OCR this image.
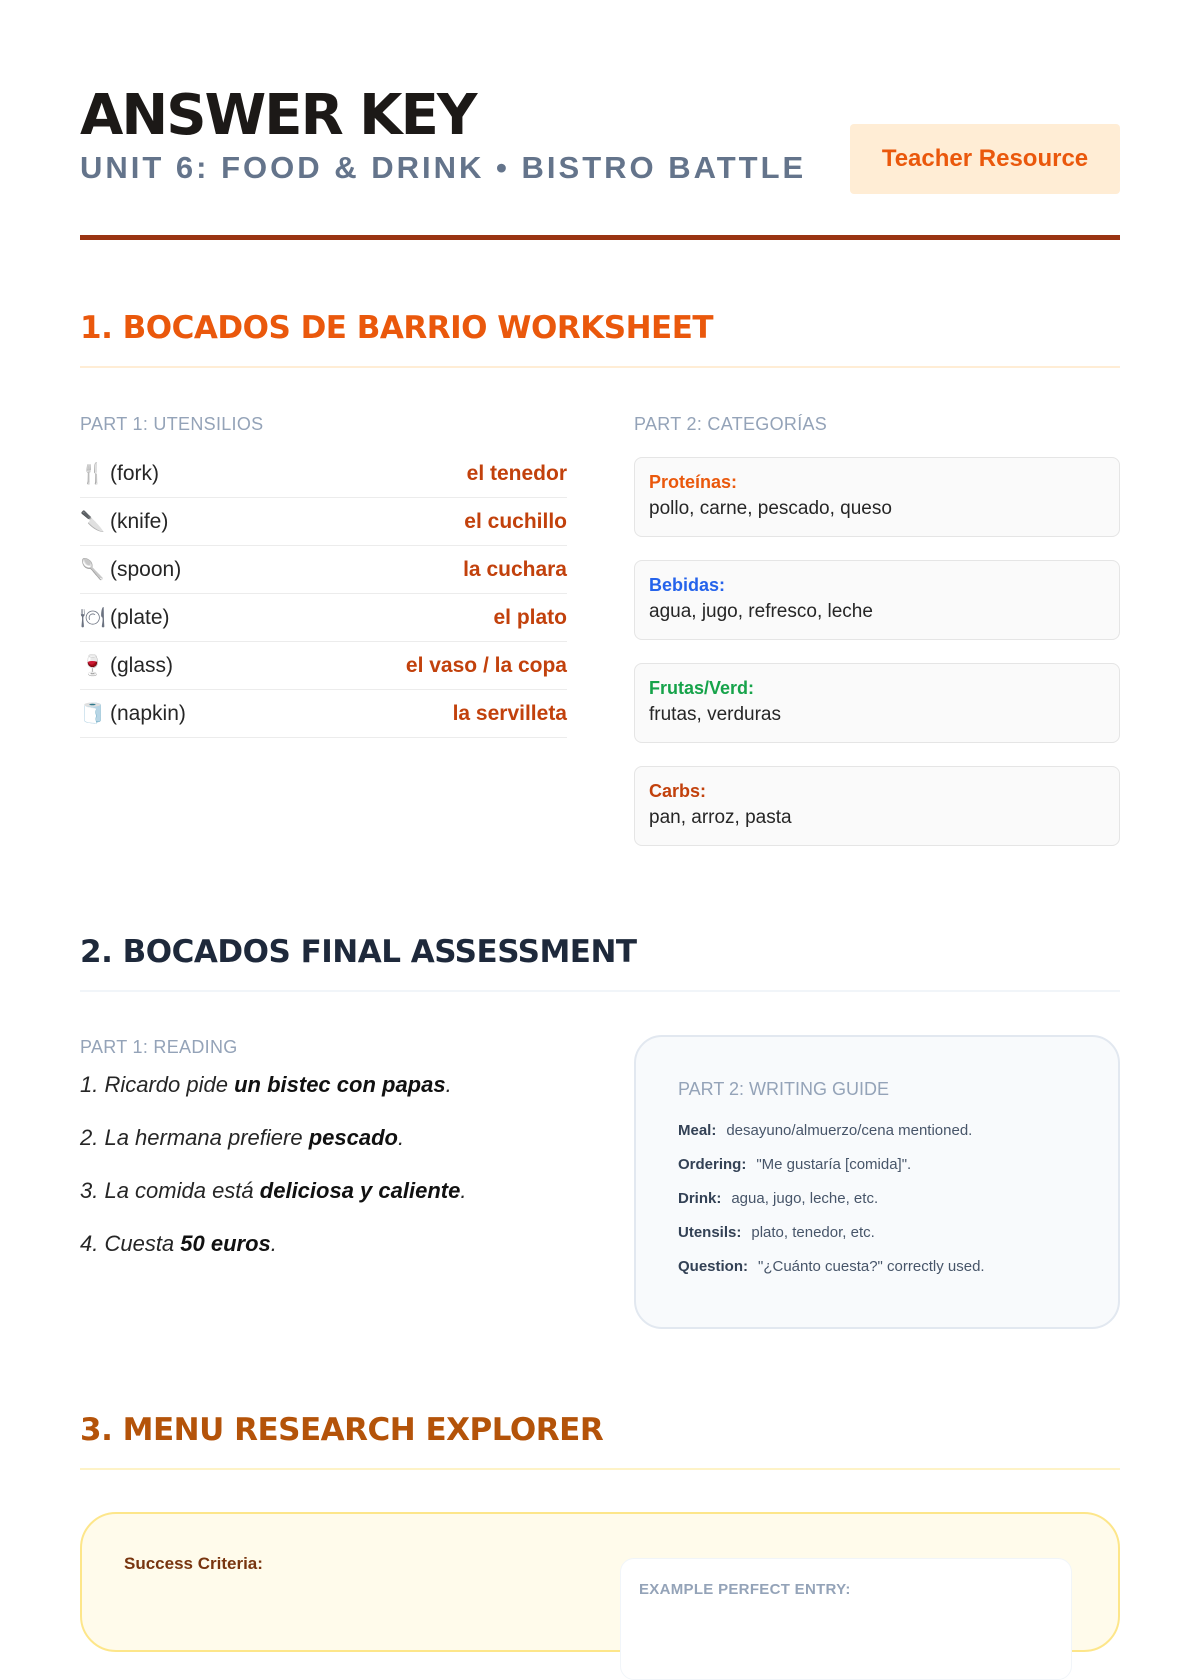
ANSWER KEY
UNIT 6: FOOD & DRINK • BISTRO BATTLE	Teacher Resource
1. BOCADOS DE BARRIO WORKSHEET
PART 1: UTENSILIOS	PART 2: CATEGORÍAS
🍴 (fork)	el tenedor
🔪 (knife)	el cuchillo
🥄 (spoon)	la cuchara
🍽 (plate)	el plato
🍷 (glass)	el vaso / la copa
🧻 (napkin)	la servilleta
Proteínas:
pollo, carne, pescado, queso
Bebidas:
agua, jugo, refresco, leche
Frutas/Verd:
frutas, verduras
Carbs:
pan, arroz, pasta
2. BOCADOS FINAL ASSESSMENT
PART 1: READING
1. Ricardo pide un bistec con papas.
2. La hermana prefiere pescado.
3. La comida está deliciosa y caliente.
4. Cuesta 50 euros.
PART 2: WRITING GUIDE
Meal: desayuno/almuerzo/cena mentioned.
Ordering: "Me gustaría [comida]".
Drink: agua, jugo, leche, etc.
Utensils: plato, tenedor, etc.
Question: "¿Cuánto cuesta?" correctly used.
3. MENU RESEARCH EXPLORER
Success Criteria:
EXAMPLE PERFECT ENTRY:
